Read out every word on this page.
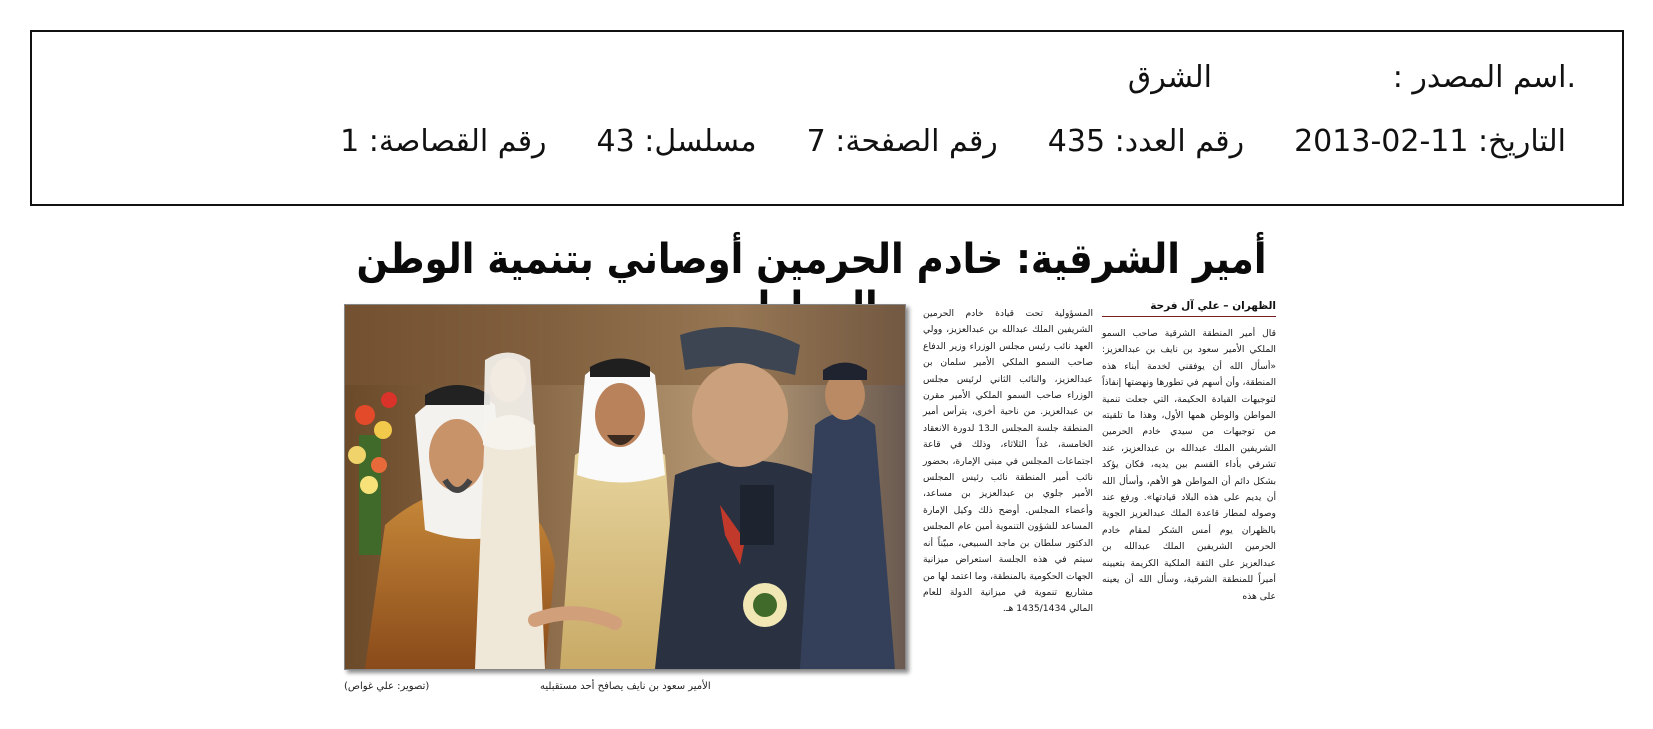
.اسم المصدر :
الشرق
التاريخ: 11-02-2013
رقم العدد: 435
رقم الصفحة: 7
مسلسل: 43
رقم القصاصة: 1
أمير الشرقية: خادم الحرمين أوصاني بتنمية الوطن
الأمير سعود بن نايف يصافح أحد مستقبليه
(تصوير: علي غواص)
الظهران – علي آل فرحة

قال أمير المنطقة الشرقية صاحب السمو الملكي الأمير سعود بن نايف بن عبدالعزيز: «أسأل الله أن يوفقني لخدمة أبناء هذه المنطقة، وأن أسهم في تطورها ونهضتها إنفاذاً لتوجيهات القيادة الحكيمة، التي جعلت تنمية المواطن والوطن همها الأول، وهذا ما تلقيته من توجيهات من سيدي خادم الحرمين الشريفين الملك عبدالله بن عبدالعزيز، عند تشرفي بأداء القسم بين يديه، فكان يؤكد بشكل دائم أن المواطن هو الأهم، وأسأل الله أن يديم على هذه البلاد قيادتها». ورفع عند وصوله لمطار قاعدة الملك عبدالعزيز الجوية بالظهران يوم أمس الشكر لمقام خادم الحرمين الشريفين الملك عبدالله بن عبدالعزيز على الثقة الملكية الكريمة بتعيينه أميراً للمنطقة الشرقية، وسأل الله أن يعينه على هذه

المسؤولية تحت قيادة خادم الحرمين الشريفين الملك عبدالله بن عبدالعزيز، وولي العهد نائب رئيس مجلس الوزراء وزير الدفاع صاحب السمو الملكي الأمير سلمان بن عبدالعزيز، والنائب الثاني لرئيس مجلس الوزراء صاحب السمو الملكي الأمير مقرن بن عبدالعزيز. من ناحية أخرى، يترأس أمير المنطقة جلسة المجلس الـ13 لدورة الانعقاد الخامسة، غداً الثلاثاء، وذلك في قاعة اجتماعات المجلس في مبنى الإمارة، بحضور نائب أمير المنطقة نائب رئيس المجلس الأمير جلوي بن عبدالعزيز بن مساعد، وأعضاء المجلس. أوضح ذلك وكيل الإمارة المساعد للشؤون التنموية أمين عام المجلس الدكتور سلطان بن ماجد السبيعي، مبيّناً أنه سيتم في هذه الجلسة استعراض ميزانية الجهات الحكومية بالمنطقة، وما اعتمد لها من مشاريع تنموية في ميزانية الدولة للعام المالي 1435/1434 هـ.
